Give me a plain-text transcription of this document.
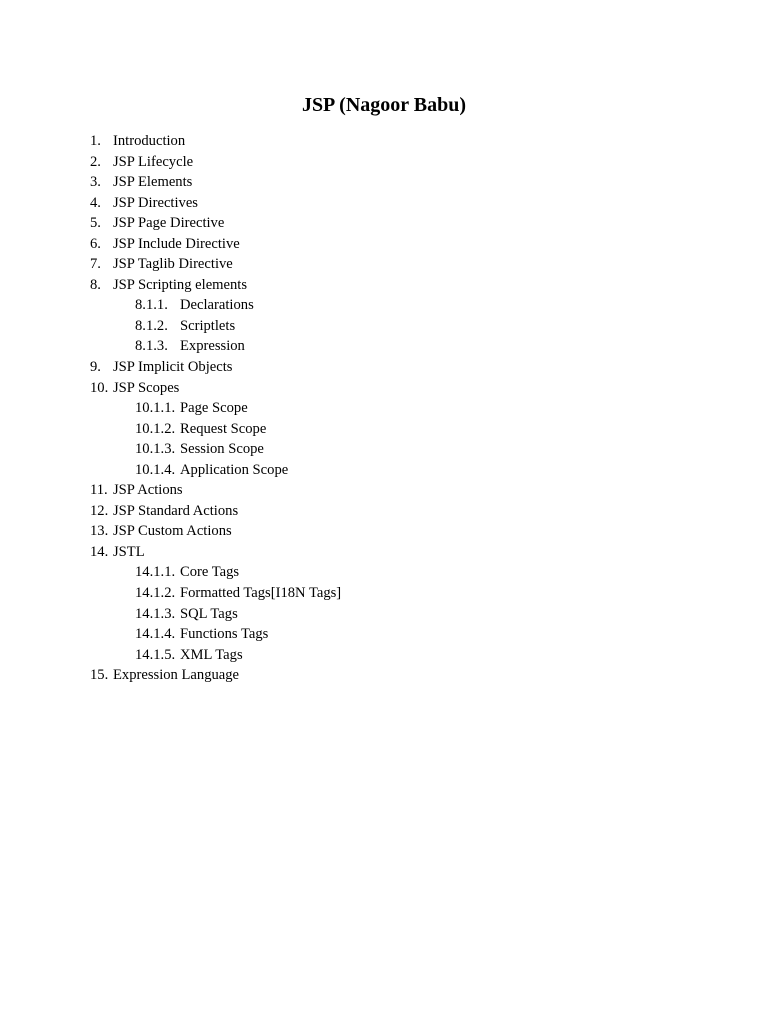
JSP (Nagoor Babu)
1. Introduction
2. JSP Lifecycle
3. JSP Elements
4. JSP Directives
5. JSP Page Directive
6. JSP Include Directive
7. JSP Taglib Directive
8. JSP Scripting elements
8.1.1. Declarations
8.1.2. Scriptlets
8.1.3. Expression
9. JSP Implicit Objects
10. JSP Scopes
10.1.1. Page Scope
10.1.2. Request Scope
10.1.3. Session Scope
10.1.4. Application Scope
11. JSP Actions
12. JSP Standard Actions
13. JSP Custom Actions
14. JSTL
14.1.1. Core Tags
14.1.2. Formatted Tags[I18N Tags]
14.1.3. SQL Tags
14.1.4. Functions Tags
14.1.5. XML Tags
15. Expression Language
